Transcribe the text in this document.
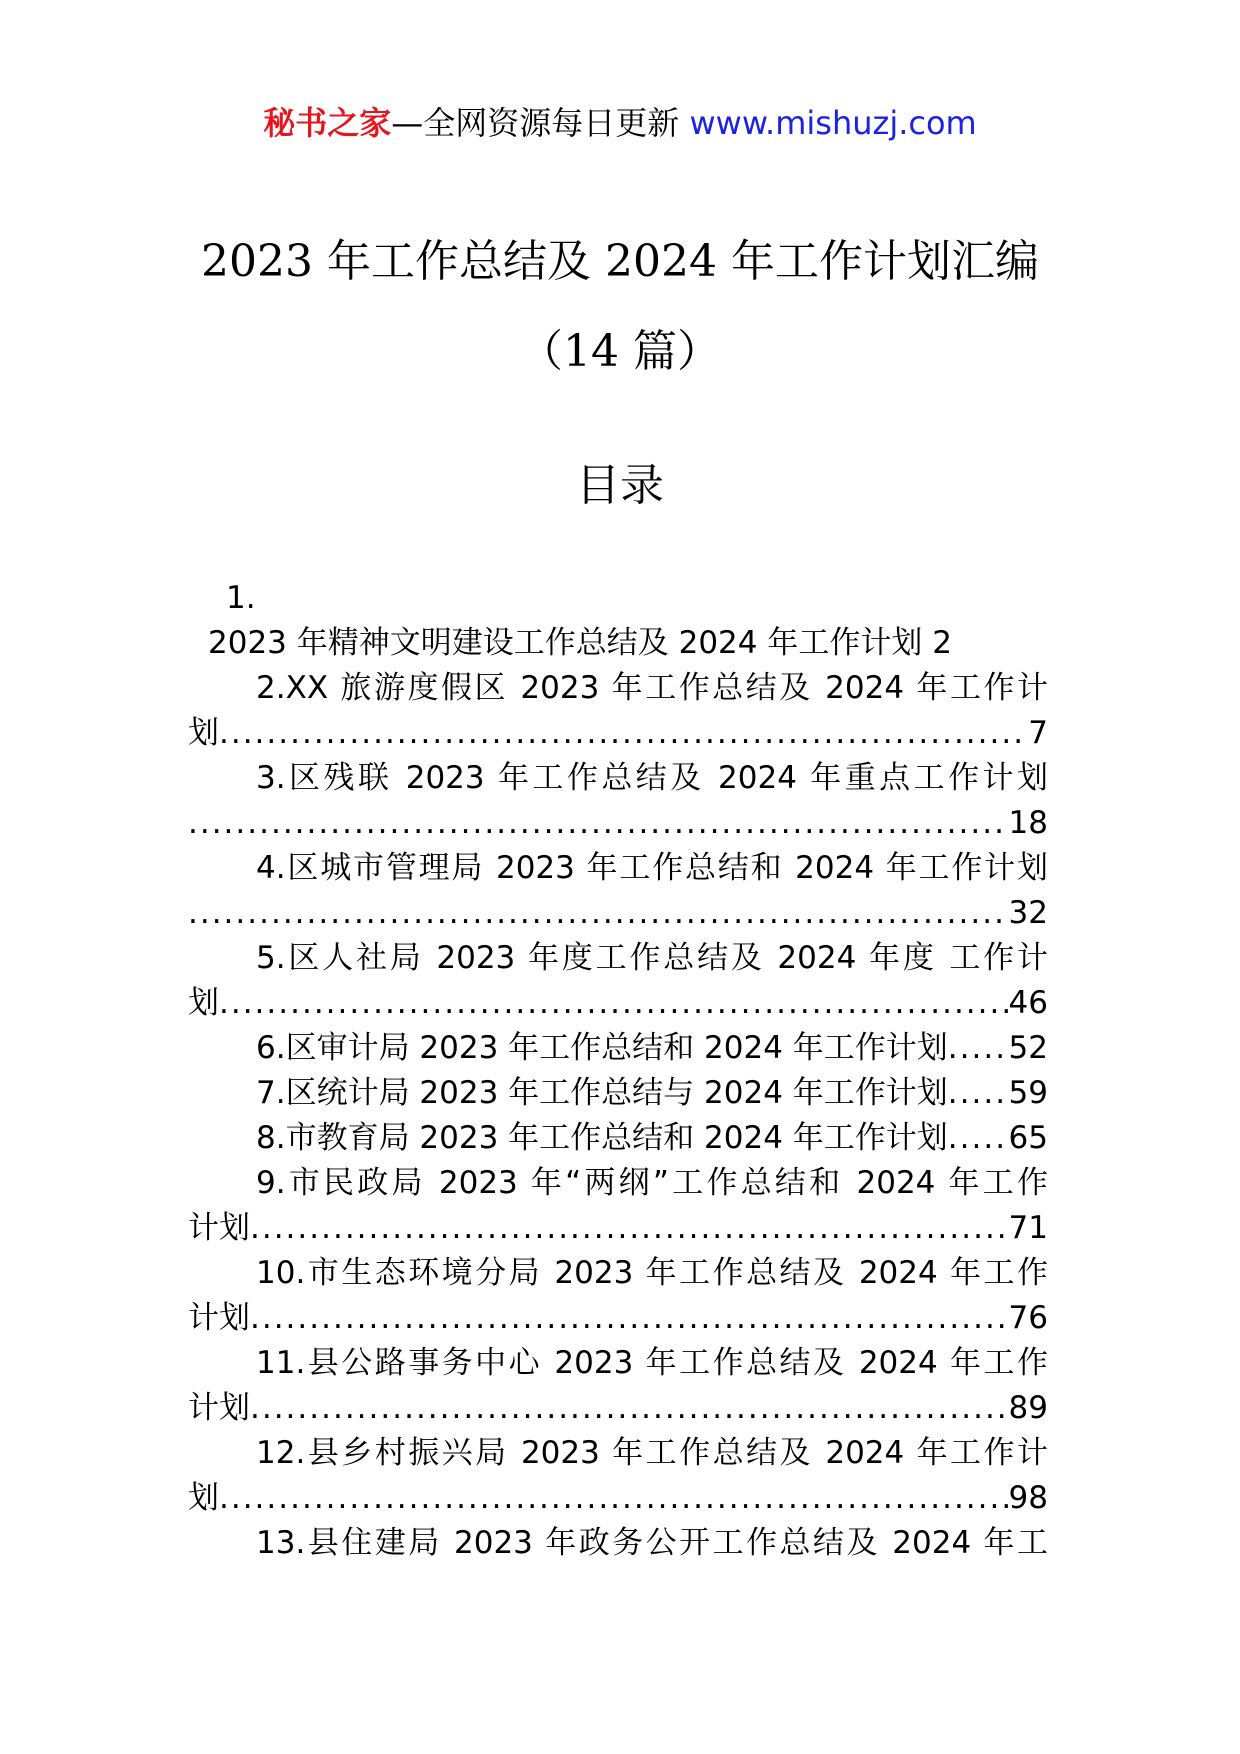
秘书之家—全网资源每日更新 www.mishuzj.com
2023 年工作总结及 2024 年工作计划汇编
（14 篇）
目录
1.
2023 年精神文明建设工作总结及 2024 年工作计划 2
2.XX 旅游度假区 2023 年工作总结及 2024 年工作计
划 .....	7
3.区残联 2023 年工作总结及 2024 年重点工作计划
.....
18
4.区城市管理局 2023 年工作总结和 2024 年工作计划
.....
32
5.区人社局 2023 年度工作总结及 2024 年度 工作计
划 .....	46
6.区审计局 2023 年工作总结和 2024 年工作计划 ..... 52
7.区统计局 2023 年工作总结与 2024 年工作计划 ..... 59
8.市教育局 2023 年工作总结和 2024 年工作计划 ..... 65
9.市民政局 2023 年“两纲”工作总结和 2024 年工作
计划 .....	71
10.市生态环境分局 2023 年工作总结及 2024 年工作
计划 .....	76
11.县公路事务中心 2023 年工作总结及 2024 年工作
计划 .....	89
12.县乡村振兴局 2023 年工作总结及 2024 年工作计
划 .....	98
13.县住建局 2023 年政务公开工作总结及 2024 年工
